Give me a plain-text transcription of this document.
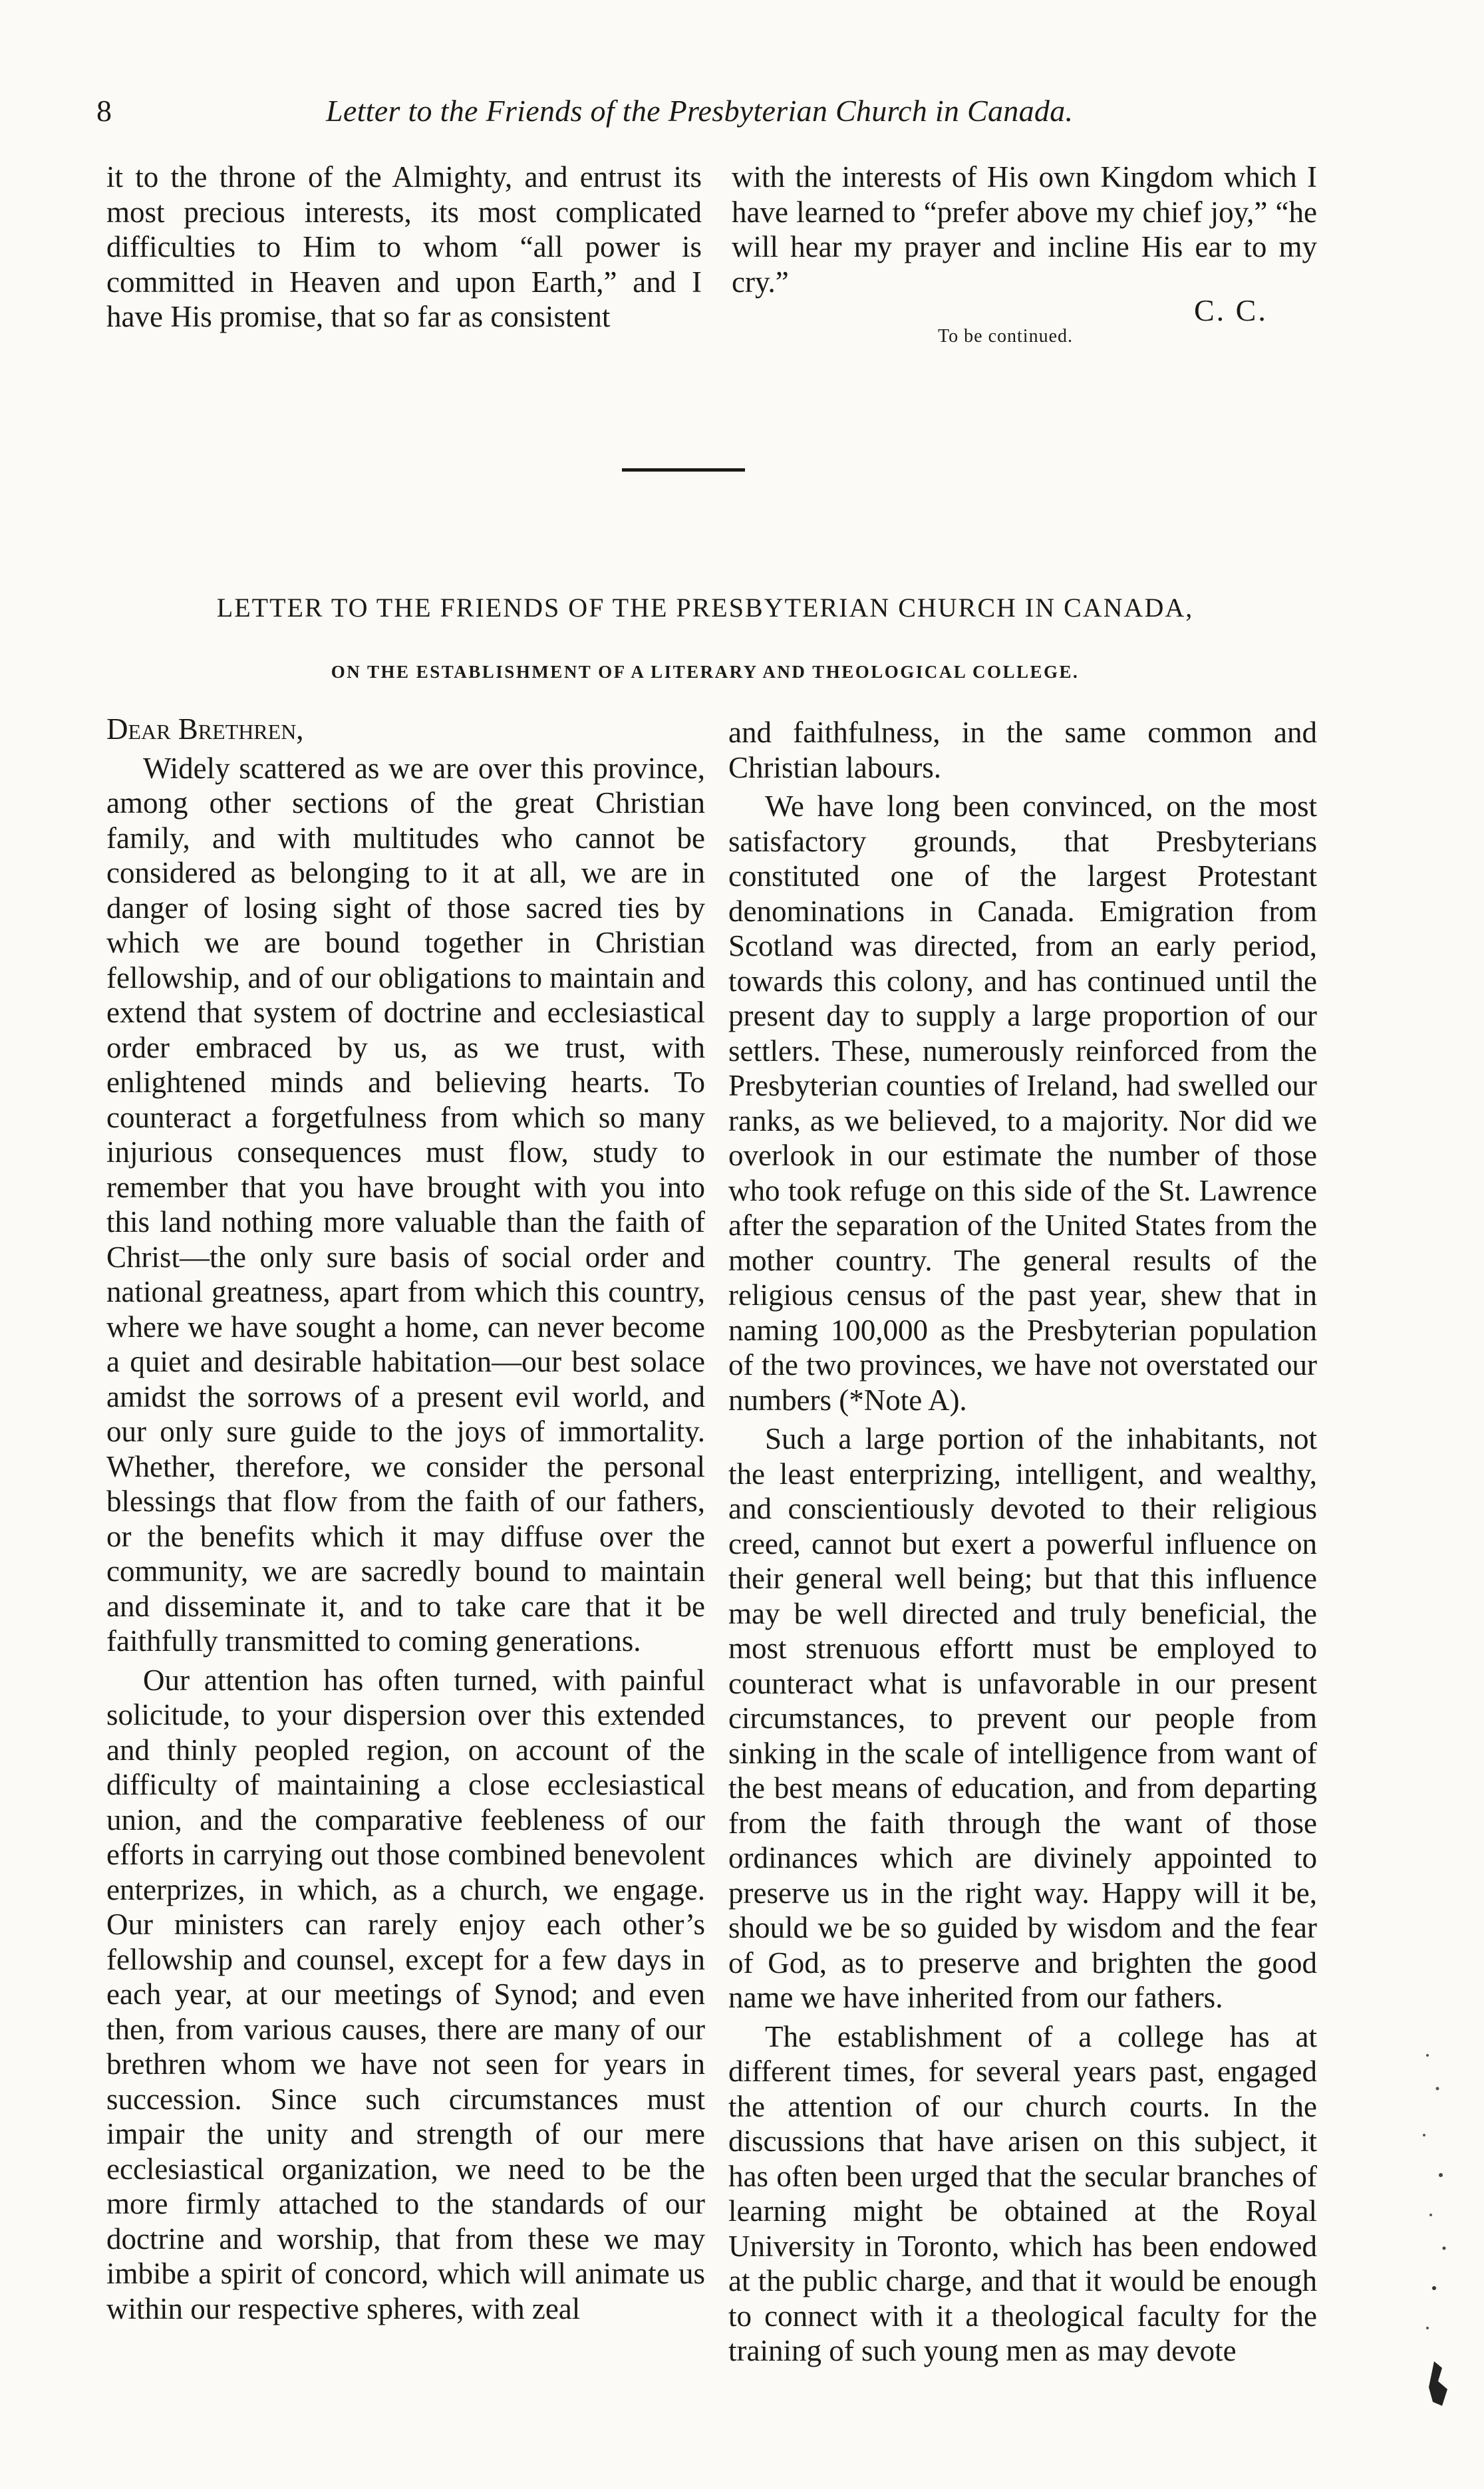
8	Letter to the Friends of the Presbyterian Church in Canada.

it to the throne of the Almighty, and entrust its most precious interests, its most complicated difficulties to Him to whom “all power is committed in Heaven and upon Earth,” and I have His promise, that so far as consistent

with the interests of His own Kingdom which I have learned to “prefer above my chief joy,” “he will hear my prayer and incline His ear to my cry.”

C. C.
To be continued.
LETTER TO THE FRIENDS OF THE PRESBYTERIAN CHURCH IN CANADA,
ON THE ESTABLISHMENT OF A LITERARY AND THEOLOGICAL COLLEGE.

Dear Brethren,

Widely scattered as we are over this province, among other sections of the great Christian family, and with multitudes who cannot be considered as belonging to it at all, we are in danger of losing sight of those sacred ties by which we are bound together in Christian fellowship, and of our obligations to maintain and extend that system of doctrine and ecclesiastical order embraced by us, as we trust, with enlightened minds and believing hearts. To counteract a forgetfulness from which so many injurious consequences must flow, study to remember that you have brought with you into this land nothing more valuable than the faith of Christ—the only sure basis of social order and national greatness, apart from which this country, where we have sought a home, can never become a quiet and desirable habitation—our best solace amidst the sorrows of a present evil world, and our only sure guide to the joys of immortality. Whether, therefore, we consider the personal blessings that flow from the faith of our fathers, or the benefits which it may diffuse over the community, we are sacredly bound to maintain and disseminate it, and to take care that it be faithfully transmitted to coming generations.

Our attention has often turned, with painful solicitude, to your dispersion over this extended and thinly peopled region, on account of the difficulty of maintaining a close ecclesiastical union, and the comparative feebleness of our efforts in carrying out those combined benevolent enterprizes, in which, as a church, we engage. Our ministers can rarely enjoy each other’s fellowship and counsel, except for a few days in each year, at our meetings of Synod; and even then, from various causes, there are many of our brethren whom we have not seen for years in succession. Since such circumstances must impair the unity and strength of our mere ecclesiastical organization, we need to be the more firmly attached to the standards of our doctrine and worship, that from these we may imbibe a spirit of concord, which will animate us within our respective spheres, with zeal

and faithfulness, in the same common and Christian labours.

We have long been convinced, on the most satisfactory grounds, that Presbyterians constituted one of the largest Protestant denominations in Canada. Emigration from Scotland was directed, from an early period, towards this colony, and has continued until the present day to supply a large proportion of our settlers. These, numerously reinforced from the Presbyterian counties of Ireland, had swelled our ranks, as we believed, to a majority. Nor did we overlook in our estimate the number of those who took refuge on this side of the St. Lawrence after the separation of the United States from the mother country. The general results of the religious census of the past year, shew that in naming 100,000 as the Presbyterian population of the two provinces, we have not overstated our numbers (*Note A).

Such a large portion of the inhabitants, not the least enterprizing, intelligent, and wealthy, and conscientiously devoted to their religious creed, cannot but exert a powerful influence on their general well being; but that this influence may be well directed and truly beneficial, the most strenuous effortt must be employed to counteract what is unfavorable in our present circumstances, to prevent our people from sinking in the scale of intelligence from want of the best means of education, and from departing from the faith through the want of those ordinances which are divinely appointed to preserve us in the right way. Happy will it be, should we be so guided by wisdom and the fear of God, as to preserve and brighten the good name we have inherited from our fathers.

The establishment of a college has at different times, for several years past, engaged the attention of our church courts. In the discussions that have arisen on this subject, it has often been urged that the secular branches of learning might be obtained at the Royal University in Toronto, which has been endowed at the public charge, and that it would be enough to connect with it a theological faculty for the training of such young men as may devote
